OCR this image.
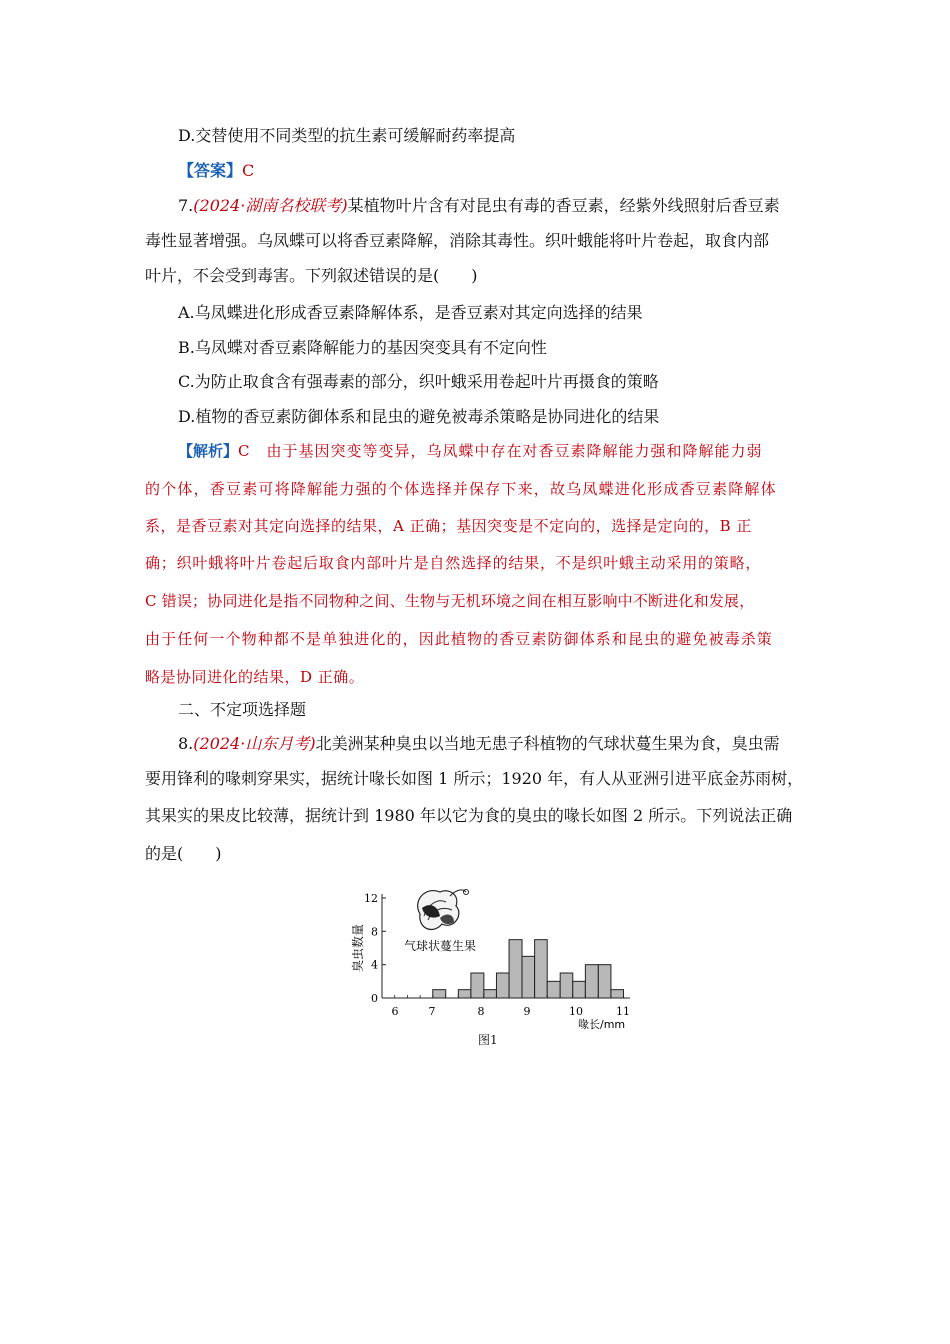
D.交替使用不同类型的抗生素可缓解耐药率提高
【答案】C
7.(2024·湖南名校联考)某植物叶片含有对昆虫有毒的香豆素，经紫外线照射后香豆素
毒性显著增强。乌凤蝶可以将香豆素降解，消除其毒性。织叶蛾能将叶片卷起，取食内部
叶片，不会受到毒害。下列叙述错误的是(　　)
A.乌凤蝶进化形成香豆素降解体系，是香豆素对其定向选择的结果
B.乌凤蝶对香豆素降解能力的基因突变具有不定向性
C.为防止取食含有强毒素的部分，织叶蛾采用卷起叶片再摄食的策略
D.植物的香豆素防御体系和昆虫的避免被毒杀策略是协同进化的结果
【解析】C　由于基因突变等变异，乌凤蝶中存在对香豆素降解能力强和降解能力弱
的个体，香豆素可将降解能力强的个体选择并保存下来，故乌凤蝶进化形成香豆素降解体
系，是香豆素对其定向选择的结果，A 正确；基因突变是不定向的，选择是定向的，B 正
确；织叶蛾将叶片卷起后取食内部叶片是自然选择的结果，不是织叶蛾主动采用的策略，
C 错误；协同进化是指不同物种之间、生物与无机环境之间在相互影响中不断进化和发展，
由于任何一个物种都不是单独进化的，因此植物的香豆素防御体系和昆虫的避免被毒杀策
略是协同进化的结果，D 正确。
二、不定项选择题
8.(2024·山东月考)北美洲某种臭虫以当地无患子科植物的气球状蔓生果为食，臭虫需
要用锋利的喙刺穿果实，据统计喙长如图 1 所示；1920 年，有人从亚洲引进平底金苏雨树，
其果实的果皮比较薄，据统计到 1980 年以它为食的臭虫的喙长如图 2 所示。下列说法正确
的是(　　)
0
4
8
12
6	7	8	9	10	11
气球状蔓生果
臭虫数量
喙长/mm
图1
